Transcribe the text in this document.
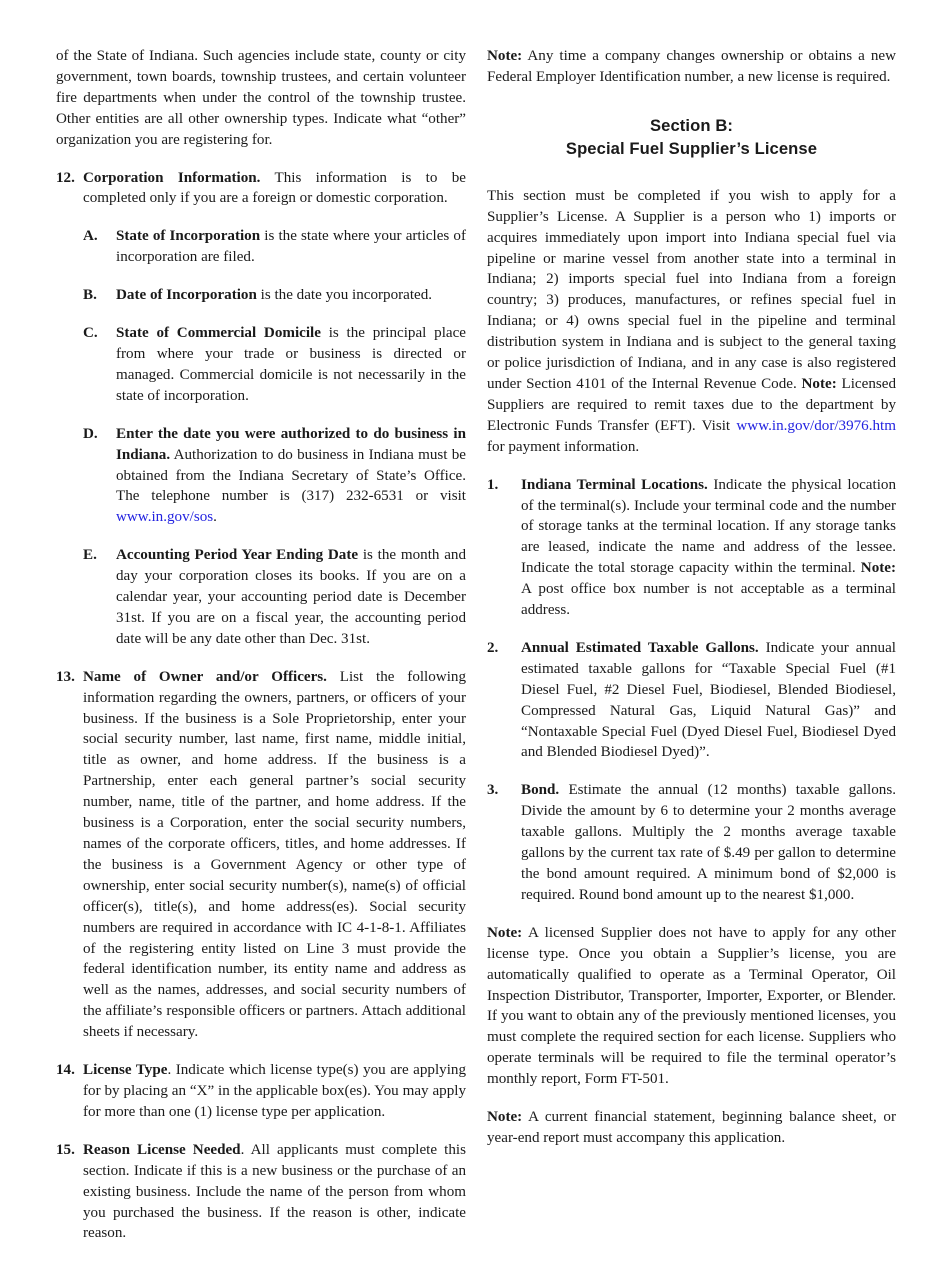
of the State of Indiana. Such agencies include state, county or city government, town boards, township trustees, and certain volunteer fire departments when under the control of the township trustee. Other entities are all other ownership types. Indicate what “other” organization you are registering for.

12. Corporation Information. This information is to be completed only if you are a foreign or domestic corporation.
A.	State of Incorporation is the state where your articles of incorporation are filed.
B.	Date of Incorporation is the date you incorporated.
C.	State of Commercial Domicile is the principal place from where your trade or business is directed or managed. Commercial domicile is not necessarily in the state of incorporation.
D.	Enter the date you were authorized to do business in Indiana. Authorization to do business in Indiana must be obtained from the Indiana Secretary of State’s Office. The telephone number is (317) 232-6531 or visit www.in.gov/sos.
E.	Accounting Period Year Ending Date is the month and day your corporation closes its books. If you are on a calendar year, your accounting period date is December 31st. If you are on a fiscal year, the accounting period date will be any date other than Dec. 31st.
13. Name of Owner and/or Officers. List the following information regarding the owners, partners, or officers of your business. If the business is a Sole Proprietorship, enter your social security number, last name, first name, middle initial, title as owner, and home address. If the business is a Partnership, enter each general partner’s social security number, name, title of the partner, and home address. If the business is a Corporation, enter the social security numbers, names of the corporate officers, titles, and home addresses. If the business is a Government Agency or other type of ownership, enter social security number(s), name(s) of official officer(s), title(s), and home address(es). Social security numbers are required in accordance with IC 4-1-8-1. Affiliates of the registering entity listed on Line 3 must provide the federal identification number, its entity name and address as well as the names, addresses, and social security numbers of the affiliate’s responsible officers or partners. Attach additional sheets if necessary.
14. License Type. Indicate which license type(s) you are applying for by placing an “X” in the applicable box(es). You may apply for more than one (1) license type per application.
15. Reason License Needed. All applicants must complete this section. Indicate if this is a new business or the purchase of an existing business. Include the name of the person from whom you purchased the business. If the reason is other, indicate reason.

Note: Any time a company changes ownership or obtains a new Federal Employer Identification number, a new license is required.

Section B:
Special Fuel Supplier’s License

This section must be completed if you wish to apply for a Supplier’s License. A Supplier is a person who 1) imports or acquires immediately upon import into Indiana special fuel via pipeline or marine vessel from another state into a terminal in Indiana; 2) imports special fuel into Indiana from a foreign country; 3) produces, manufactures, or refines special fuel in Indiana; or 4) owns special fuel in the pipeline and terminal distribution system in Indiana and is subject to the general taxing or police jurisdiction of Indiana, and in any case is also registered under Section 4101 of the Internal Revenue Code. Note: Licensed Suppliers are required to remit taxes due to the department by Electronic Funds Transfer (EFT). Visit www.in.gov/dor/3976.htm for payment information.

1.	Indiana Terminal Locations. Indicate the physical location of the terminal(s). Include your terminal code and the number of storage tanks at the terminal location. If any storage tanks are leased, indicate the name and address of the lessee. Indicate the total storage capacity within the terminal. Note: A post office box number is not acceptable as a terminal address.
2.	Annual Estimated Taxable Gallons. Indicate your annual estimated taxable gallons for “Taxable Special Fuel (#1 Diesel Fuel, #2 Diesel Fuel, Biodiesel, Blended Biodiesel, Compressed Natural Gas, Liquid Natural Gas)” and “Nontaxable Special Fuel (Dyed Diesel Fuel, Biodiesel Dyed and Blended Biodiesel Dyed)”.
3.	Bond. Estimate the annual (12 months) taxable gallons. Divide the amount by 6 to determine your 2 months average taxable gallons. Multiply the 2 months average taxable gallons by the current tax rate of $.49 per gallon to determine the bond amount required. A minimum bond of $2,000 is required. Round bond amount up to the nearest $1,000.

Note: A licensed Supplier does not have to apply for any other license type. Once you obtain a Supplier’s license, you are automatically qualified to operate as a Terminal Operator, Oil Inspection Distributor, Transporter, Importer, Exporter, or Blender. If you want to obtain any of the previously mentioned licenses, you must complete the required section for each license. Suppliers who operate terminals will be required to file the terminal operator’s monthly report, Form FT-501.

Note: A current financial statement, beginning balance sheet, or year-end report must accompany this application.
